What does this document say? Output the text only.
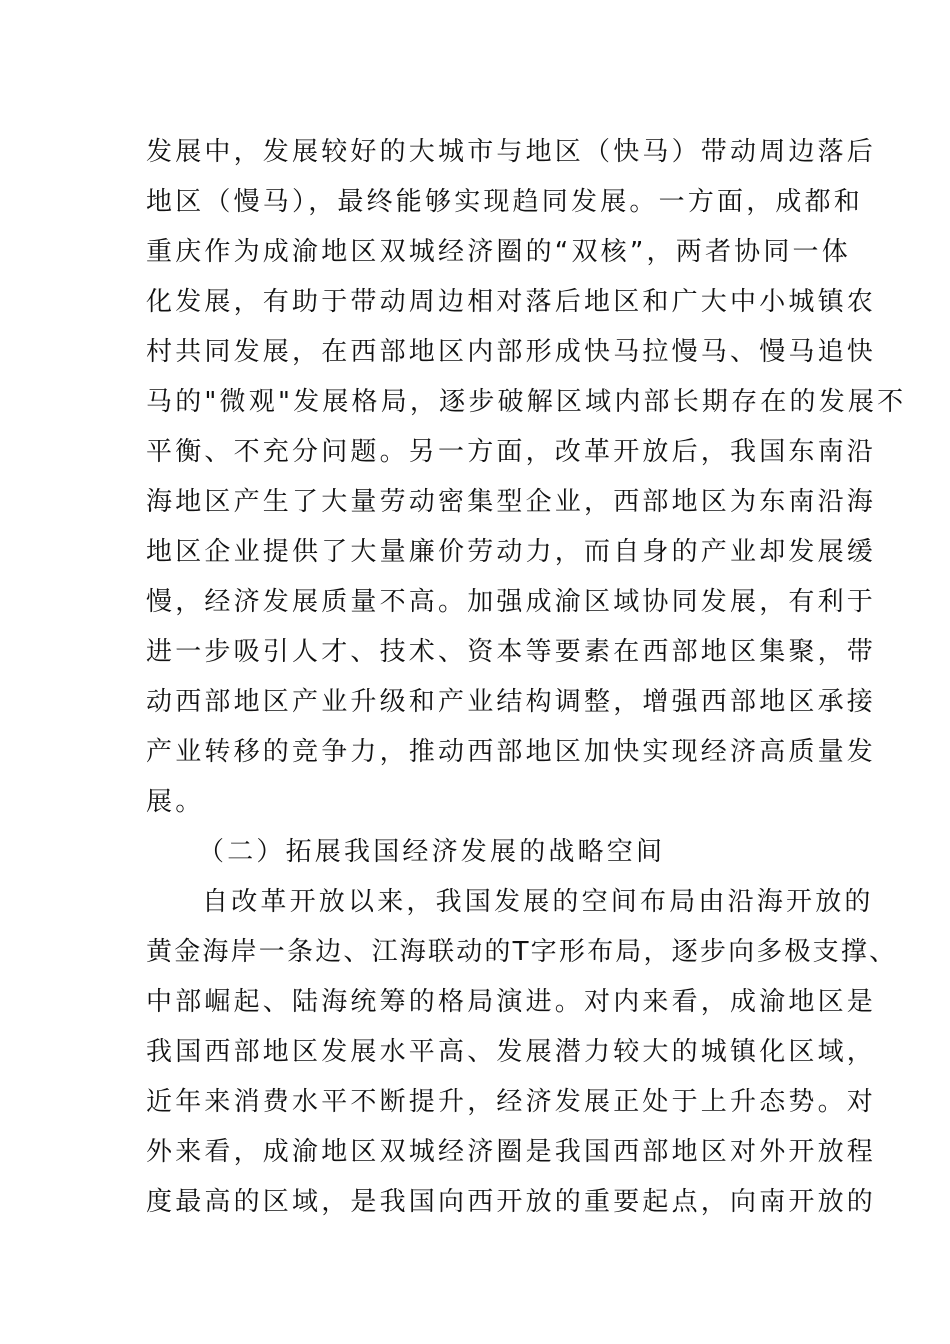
发展中，发展较好的大城市与地区（快马）带动周边落后
地区（慢马），最终能够实现趋同发展。一方面，成都和
重庆作为成渝地区双城经济圈的“双核”，两者协同一体
化发展，有助于带动周边相对落后地区和广大中小城镇农
村共同发展，在西部地区内部形成快马拉慢马、慢马追快
马的"微观"发展格局，逐步破解区域内部长期存在的发展不
平衡、不充分问题。另一方面，改革开放后，我国东南沿
海地区产生了大量劳动密集型企业，西部地区为东南沿海
地区企业提供了大量廉价劳动力，而自身的产业却发展缓
慢，经济发展质量不高。加强成渝区域协同发展，有利于
进一步吸引人才、技术、资本等要素在西部地区集聚，带
动西部地区产业升级和产业结构调整，增强西部地区承接
产业转移的竞争力，推动西部地区加快实现经济高质量发
展。
（二）拓展我国经济发展的战略空间
自改革开放以来，我国发展的空间布局由沿海开放的
黄金海岸一条边、江海联动的T字形布局，逐步向多极支撑、
中部崛起、陆海统筹的格局演进。对内来看，成渝地区是
我国西部地区发展水平高、发展潜力较大的城镇化区域，
近年来消费水平不断提升，经济发展正处于上升态势。对
外来看，成渝地区双城经济圈是我国西部地区对外开放程
度最高的区域，是我国向西开放的重要起点，向南开放的
